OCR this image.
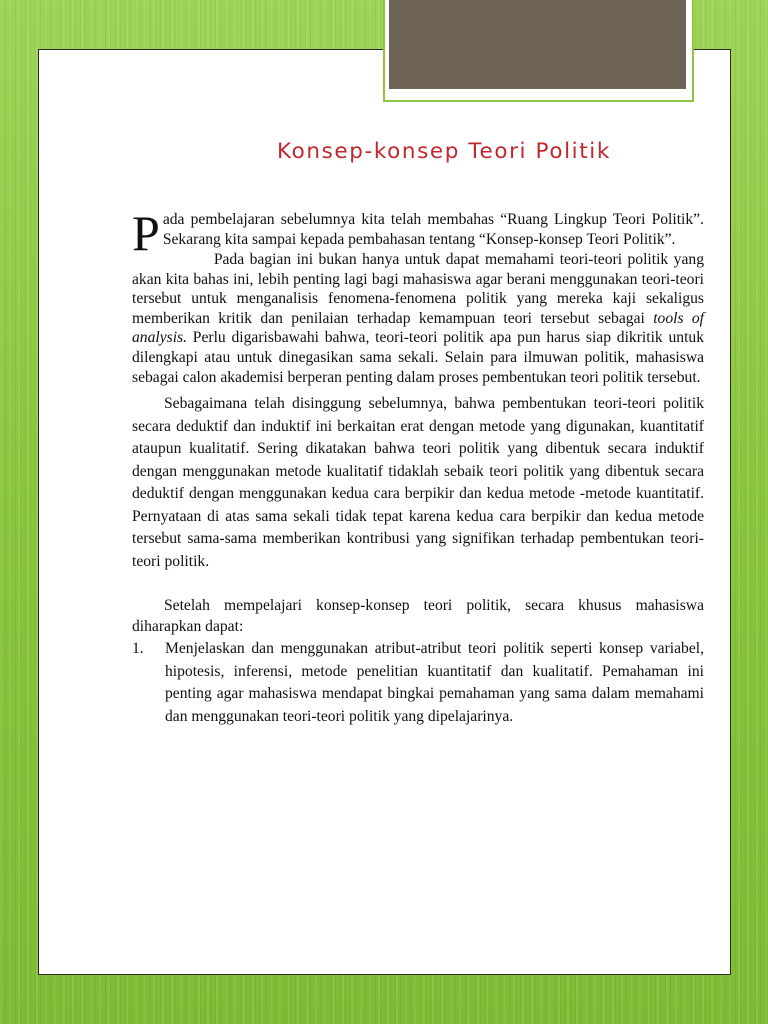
Konsep-konsep Teori Politik

Pada pembelajaran sebelumnya kita telah membahas “Ruang Lingkup Teori Politik”. Sekarang kita sampai kepada pembahasan tentang “Konsep-konsep Teori Politik”.

Pada bagian ini bukan hanya untuk dapat memahami teori-teori politik yang akan kita bahas ini, lebih penting lagi bagi mahasiswa agar berani menggunakan teori-teori tersebut untuk menganalisis fenomena-fenomena politik yang mereka kaji sekaligus memberikan kritik dan penilaian terhadap kemampuan teori tersebut sebagai tools of analysis. Perlu digarisbawahi bahwa, teori-teori politik apa pun harus siap dikritik untuk dilengkapi atau untuk dinegasikan sama sekali. Selain para ilmuwan politik, mahasiswa sebagai calon akademisi berperan penting dalam proses pembentukan teori politik tersebut.

Sebagaimana telah disinggung sebelumnya, bahwa pembentukan teori-teori politik secara deduktif dan induktif ini berkaitan erat dengan metode yang digunakan, kuantitatif ataupun kualitatif. Sering dikatakan bahwa teori politik yang dibentuk secara induktif dengan menggunakan metode kualitatif tidaklah sebaik teori politik yang dibentuk secara deduktif dengan menggunakan kedua cara berpikir dan kedua metode -metode kuantitatif. Pernyataan di atas sama sekali tidak tepat karena kedua cara berpikir dan kedua metode tersebut sama-sama memberikan kontribusi yang signifikan terhadap pembentukan teori-teori politik.

Setelah mempelajari konsep-konsep teori politik, secara khusus mahasiswa diharapkan dapat:

1. Menjelaskan dan menggunakan atribut-atribut teori politik seperti konsep variabel, hipotesis, inferensi, metode penelitian kuantitatif dan kualitatif. Pemahaman ini penting agar mahasiswa mendapat bingkai pemahaman yang sama dalam memahami dan menggunakan teori-teori politik yang dipelajarinya.
